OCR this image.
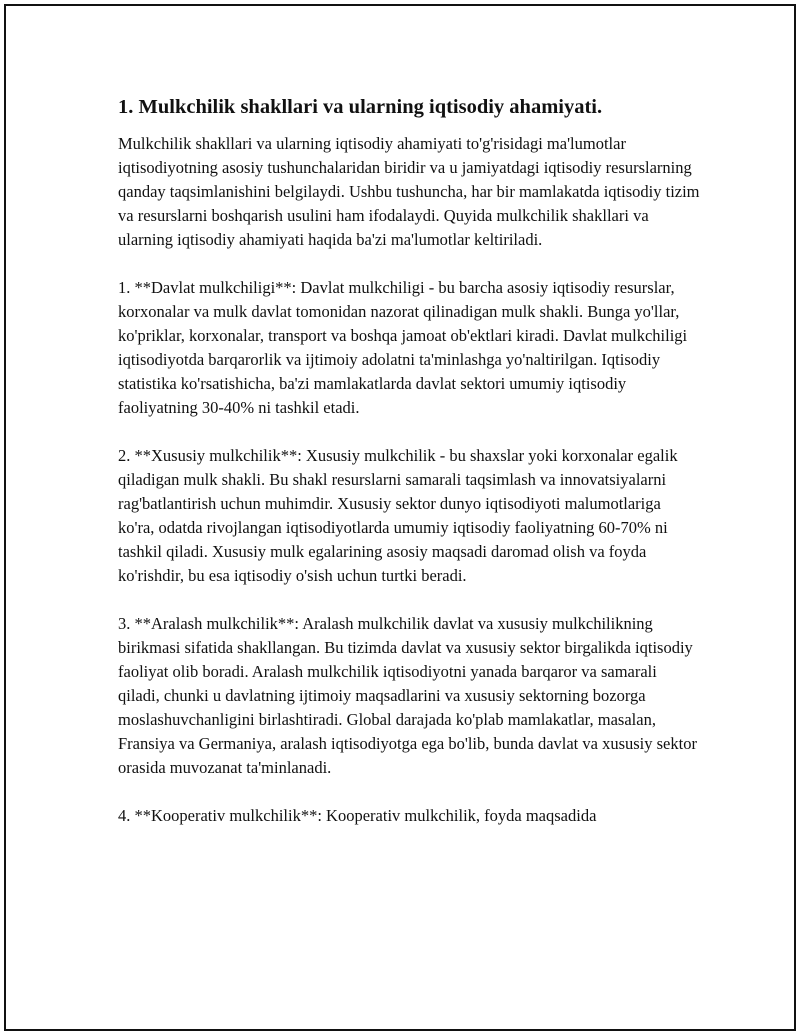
1. Mulkchilik shakllari va ularning iqtisodiy ahamiyati.

Mulkchilik shakllari va ularning iqtisodiy ahamiyati to'g'risidagi ma'lumotlar iqtisodiyotning asosiy tushunchalaridan biridir va u jamiyatdagi iqtisodiy resurslarning qanday taqsimlanishini belgilaydi. Ushbu tushuncha, har bir mamlakatda iqtisodiy tizim va resurslarni boshqarish usulini ham ifodalaydi. Quyida mulkchilik shakllari va ularning iqtisodiy ahamiyati haqida ba'zi ma'lumotlar keltiriladi.

1. **Davlat mulkchiligi**: Davlat mulkchiligi - bu barcha asosiy iqtisodiy resurslar, korxonalar va mulk davlat tomonidan nazorat qilinadigan mulk shakli. Bunga yo'llar, ko'priklar, korxonalar, transport va boshqa jamoat ob'ektlari kiradi. Davlat mulkchiligi iqtisodiyotda barqarorlik va ijtimoiy adolatni ta'minlashga yo'naltirilgan. Iqtisodiy statistika ko'rsatishicha, ba'zi mamlakatlarda davlat sektori umumiy iqtisodiy faoliyatning 30-40% ni tashkil etadi.

2. **Xususiy mulkchilik**: Xususiy mulkchilik - bu shaxslar yoki korxonalar egalik qiladigan mulk shakli. Bu shakl resurslarni samarali taqsimlash va innovatsiyalarni rag'batlantirish uchun muhimdir. Xususiy sektor dunyo iqtisodiyoti malumotlariga ko'ra, odatda rivojlangan iqtisodiyotlarda umumiy iqtisodiy faoliyatning 60-70% ni tashkil qiladi. Xususiy mulk egalarining asosiy maqsadi daromad olish va foyda ko'rishdir, bu esa iqtisodiy o'sish uchun turtki beradi.

3. **Aralash mulkchilik**: Aralash mulkchilik davlat va xususiy mulkchilikning birikmasi sifatida shakllangan. Bu tizimda davlat va xususiy sektor birgalikda iqtisodiy faoliyat olib boradi. Aralash mulkchilik iqtisodiyotni yanada barqaror va samarali qiladi, chunki u davlatning ijtimoiy maqsadlarini va xususiy sektorning bozorga moslashuvchanligini birlashtiradi. Global darajada ko'plab mamlakatlar, masalan, Fransiya va Germaniya, aralash iqtisodiyotga ega bo'lib, bunda davlat va xususiy sektor orasida muvozanat ta'minlanadi.

4. **Kooperativ mulkchilik**: Kooperativ mulkchilik, foyda maqsadida
